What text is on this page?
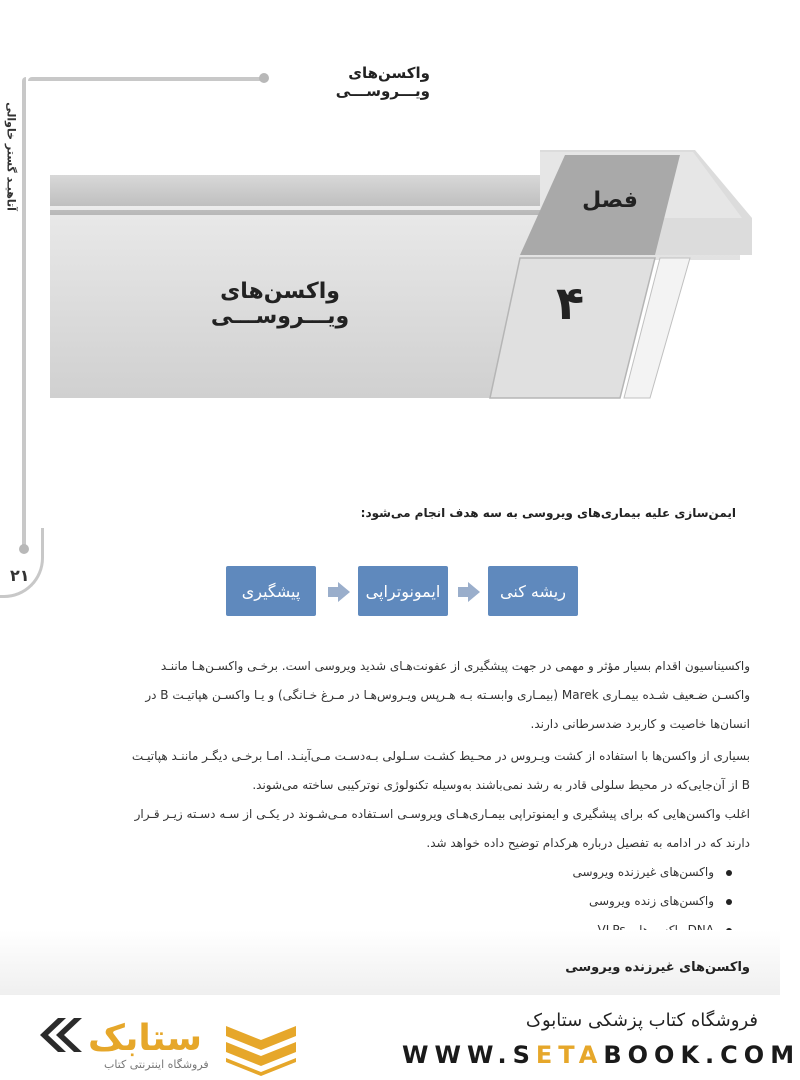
واکسن‌های ویـــروســـی
آتاهیـد گستر خاوالی
۲۱
فصل
۴
واکسن‌های ویـــروســـی
ایمن‌سازی علیه بیماری‌های ویروسی به سه هدف انجام می‌شود:
ریشه کنی
ایمونوتراپی
پیشگیری
واکسیناسیون اقدام بسیار مؤثر و مهمی در جهت پیشگیری از عفونت‌هـای شدید ویروسی است. برخـی واکسـن‌هـا ماننـد
واکسـن ضـعیف شـده بیمـاری Marek (بیمـاری وابسـته بـه هـرپس ویـروس‌هـا در مـرغ خـانگی) و یـا واکسـن هپاتیـت B در
انسان‌ها خاصیت و کاربرد ضدسرطانی دارند.
بسیاری از واکسن‌ها با استفاده از کشت ویـروس در محـیط کشـت سـلولی بـه‌دسـت مـی‌آینـد. امـا برخـی دیگـر ماننـد هپاتیـت
B از آن‌جایی‌که در محیط سلولی قادر به رشد نمی‌باشند به‌وسیله تکنولوژی نوترکیبی ساخته می‌شوند.
اغلب واکسن‌هایی که برای پیشگیری و ایمنوتراپی بیمـاری‌هـای ویروسـی اسـتفاده مـی‌شـوند در یکـی از سـه دسـته زیـر قـرار
دارند که در ادامه به تفصیل درباره هرکدام توضیح داده خواهد شد.
واکسن‌های غیرزنده ویروسی
واکسن‌های زنده ویروسی
واکسن‌های غیرزنده ویروسی
ستابک
فروشگاه اینترنتی کتاب
فروشگاه کتاب پزشکی ستابوک
WWW.SETABOOK.COM
